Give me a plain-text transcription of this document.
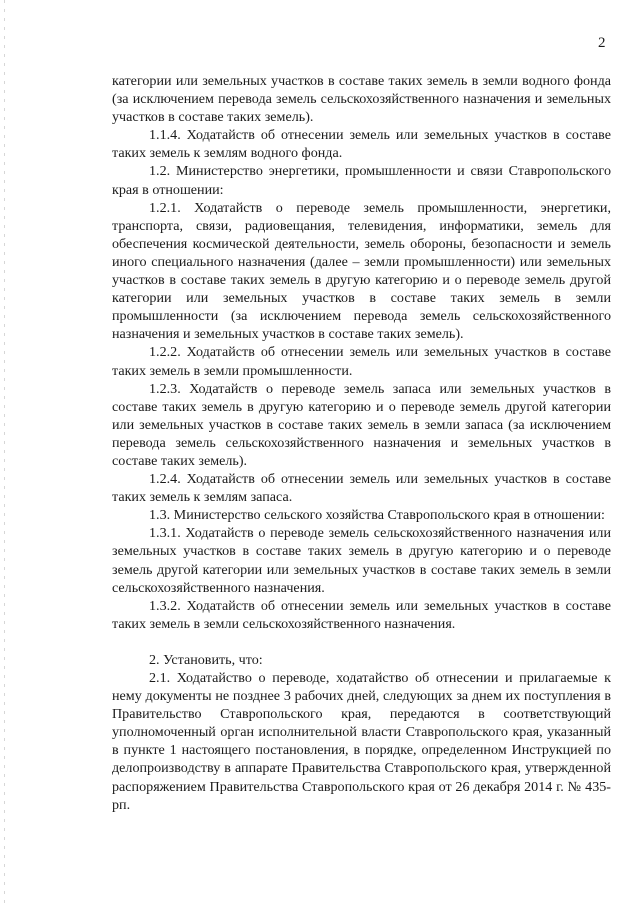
2

категории или земельных участков в составе таких земель в земли водного фонда (за исключением перевода земель сельскохозяйственного назначения и земельных участков в составе таких земель).

1.1.4. Ходатайств об отнесении земель или земельных участков в составе таких земель к землям водного фонда.

1.2. Министерство энергетики, промышленности и связи Ставропольского края в отношении:

1.2.1. Ходатайств о переводе земель промышленности, энергетики, транспорта, связи, радиовещания, телевидения, информатики, земель для обеспечения космической деятельности, земель обороны, безопасности и земель иного специального назначения (далее – земли промышленности) или земельных участков в составе таких земель в другую категорию и о переводе земель другой категории или земельных участков в составе таких земель в земли промышленности (за исключением перевода земель сельскохозяйственного назначения и земельных участков в составе таких земель).

1.2.2. Ходатайств об отнесении земель или земельных участков в составе таких земель в земли промышленности.

1.2.3. Ходатайств о переводе земель запаса или земельных участков в составе таких земель в другую категорию и о переводе земель другой категории или земельных участков в составе таких земель в земли запаса (за исключением перевода земель сельскохозяйственного назначения и земельных участков в составе таких земель).

1.2.4. Ходатайств об отнесении земель или земельных участков в составе таких земель к землям запаса.

1.3. Министерство сельского хозяйства Ставропольского края в отношении:

1.3.1. Ходатайств о переводе земель сельскохозяйственного назначения или земельных участков в составе таких земель в другую категорию и о переводе земель другой категории или земельных участков в составе таких земель в земли сельскохозяйственного назначения.

1.3.2. Ходатайств об отнесении земель или земельных участков в составе таких земель в земли сельскохозяйственного назначения.

2. Установить, что:

2.1. Ходатайство о переводе, ходатайство об отнесении и прилагаемые к нему документы не позднее 3 рабочих дней, следующих за днем их поступления в Правительство Ставропольского края, передаются в соответствующий уполномоченный орган исполнительной власти Ставропольского края, указанный в пункте 1 настоящего постановления, в порядке, определенном Инструкцией по делопроизводству в аппарате Правительства Ставропольского края, утвержденной распоряжением Правительства Ставропольского края от 26 декабря 2014 г. № 435-рп.
